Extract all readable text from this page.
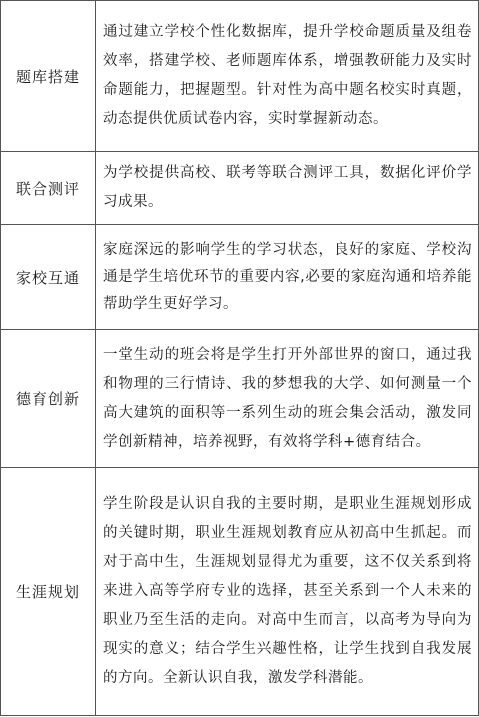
题库搭建	通过建立学校个性化数据库，提升学校命题质量及组卷效率，搭建学校、老师题库体系，增强教研能力及实时命题能力，把握题型。针对性为高中题名校实时真题，动态提供优质试卷内容，实时掌握新动态。
联合测评	为学校提供高校、联考等联合测评工具，数据化评价学习成果。
家校互通	家庭深远的影响学生的学习状态，良好的家庭、学校沟通是学生培优环节的重要内容,必要的家庭沟通和培养能帮助学生更好学习。
德育创新	一堂生动的班会将是学生打开外部世界的窗口，通过我和物理的三行情诗、我的梦想我的大学、如何测量一个高大建筑的面积等一系列生动的班会集会活动，激发同学创新精神，培养视野，有效将学科+德育结合。
生涯规划	学生阶段是认识自我的主要时期，是职业生涯规划形成的关键时期，职业生涯规划教育应从初高中生抓起。而对于高中生，生涯规划显得尤为重要，这不仅关系到将来进入高等学府专业的选择，甚至关系到一个人未来的职业乃至生活的走向。对高中生而言，以高考为导向为现实的意义；结合学生兴趣性格，让学生找到自我发展的方向。全新认识自我，激发学科潜能。
